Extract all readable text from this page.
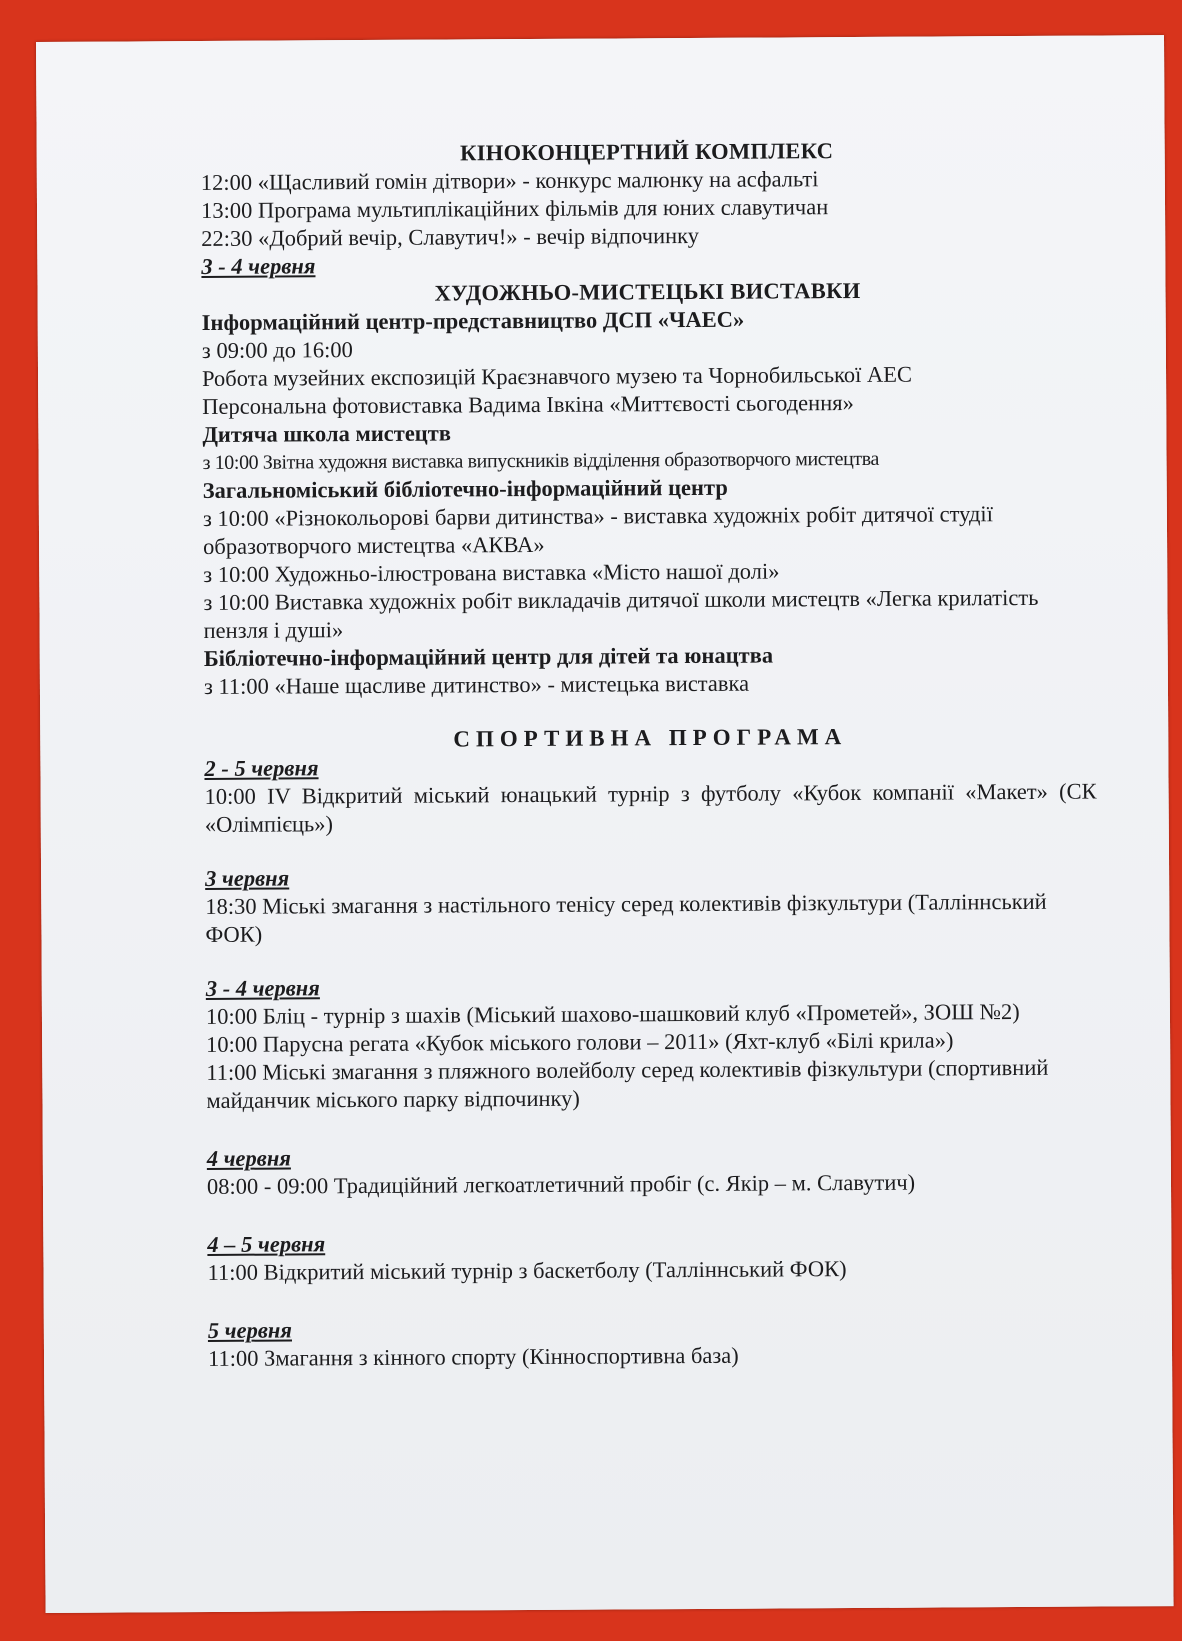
КІНОКОНЦЕРТНИЙ КОМПЛЕКС
12:00 «Щасливий гомін дітвори» - конкурс малюнку на асфальті
13:00 Програма мультиплікаційних фільмів для юних славутичан
22:30 «Добрий вечір, Славутич!» - вечір відпочинку
3 - 4 червня
ХУДОЖНЬО-МИСТЕЦЬКІ ВИСТАВКИ
Інформаційний центр-представництво ДСП «ЧАЕС»
з 09:00 до 16:00
Робота музейних експозицій Краєзнавчого музею та Чорнобильської АЕС
Персональна фотовиставка Вадима Івкіна «Миттєвості сьогодення»
Дитяча школа мистецтв
з 10:00 Звітна художня виставка випускників відділення образотворчого мистецтва
Загальноміський бібліотечно-інформаційний центр
з 10:00 «Різнокольорові барви дитинства» - виставка художніх робіт дитячої студії образотворчого мистецтва «АКВА»
з 10:00 Художньо-ілюстрована виставка «Місто нашої долі»
з 10:00 Виставка художніх робіт викладачів дитячої школи мистецтв «Легка крилатість пензля і душі»
Бібліотечно-інформаційний центр для дітей та юнацтва
з 11:00 «Наше щасливе дитинство» - мистецька виставка
СПОРТИВНА ПРОГРАМА
2 - 5 червня
10:00 IV Відкритий міський юнацький турнір з футболу «Кубок компанії «Макет» (СК «Олімпієць»)
3 червня
18:30 Міські змагання з настільного тенісу серед колективів фізкультури (Талліннський ФОК)
3 - 4 червня
10:00 Бліц - турнір з шахів (Міський шахово-шашковий клуб «Прометей», ЗОШ №2)
10:00 Парусна регата «Кубок міського голови – 2011» (Яхт-клуб «Білі крила»)
11:00 Міські змагання з пляжного волейболу серед колективів фізкультури (спортивний майданчик міського парку відпочинку)
4 червня
08:00 - 09:00 Традиційний легкоатлетичний пробіг (с. Якір – м. Славутич)
4 – 5 червня
11:00 Відкритий міський турнір з баскетболу (Талліннський ФОК)
5 червня
11:00 Змагання з кінного спорту (Кінноспортивна база)
